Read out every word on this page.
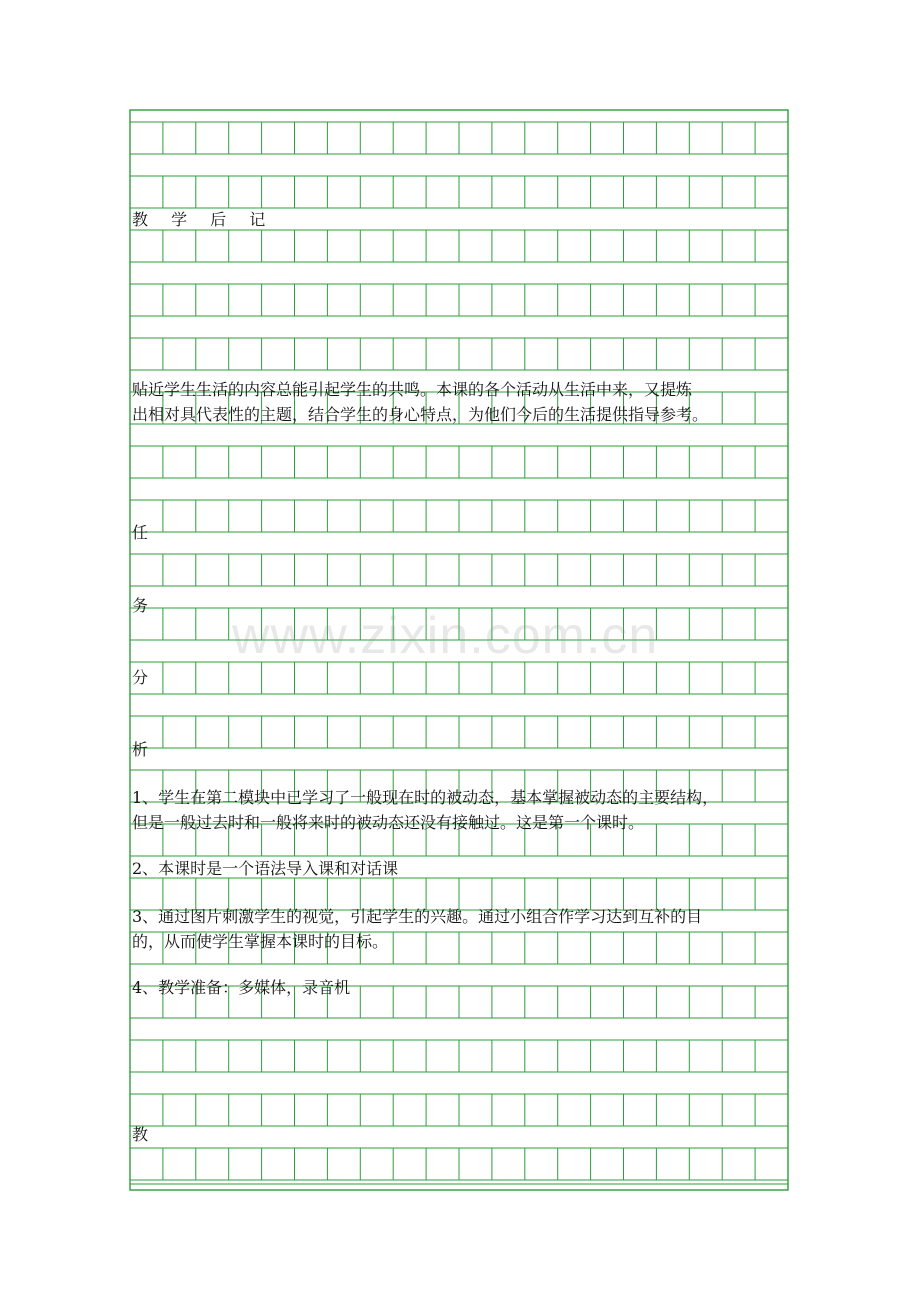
www.zixin.com.cn
教 学 后 记
贴近学生生活的内容总能引起学生的共鸣。本课的各个活动从生活中来，又提炼
出相对具代表性的主题，结合学生的身心特点，为他们今后的生活提供指导参考。
任
务
分
析
1、学生在第二模块中已学习了一般现在时的被动态，基本掌握被动态的主要结构，
但是一般过去时和一般将来时的被动态还没有接触过。这是第一个课时。
2、本课时是一个语法导入课和对话课
3、通过图片刺激学生的视觉，引起学生的兴趣。通过小组合作学习达到互补的目
的，从而使学生掌握本课时的目标。
4、教学准备：多媒体，录音机
教
